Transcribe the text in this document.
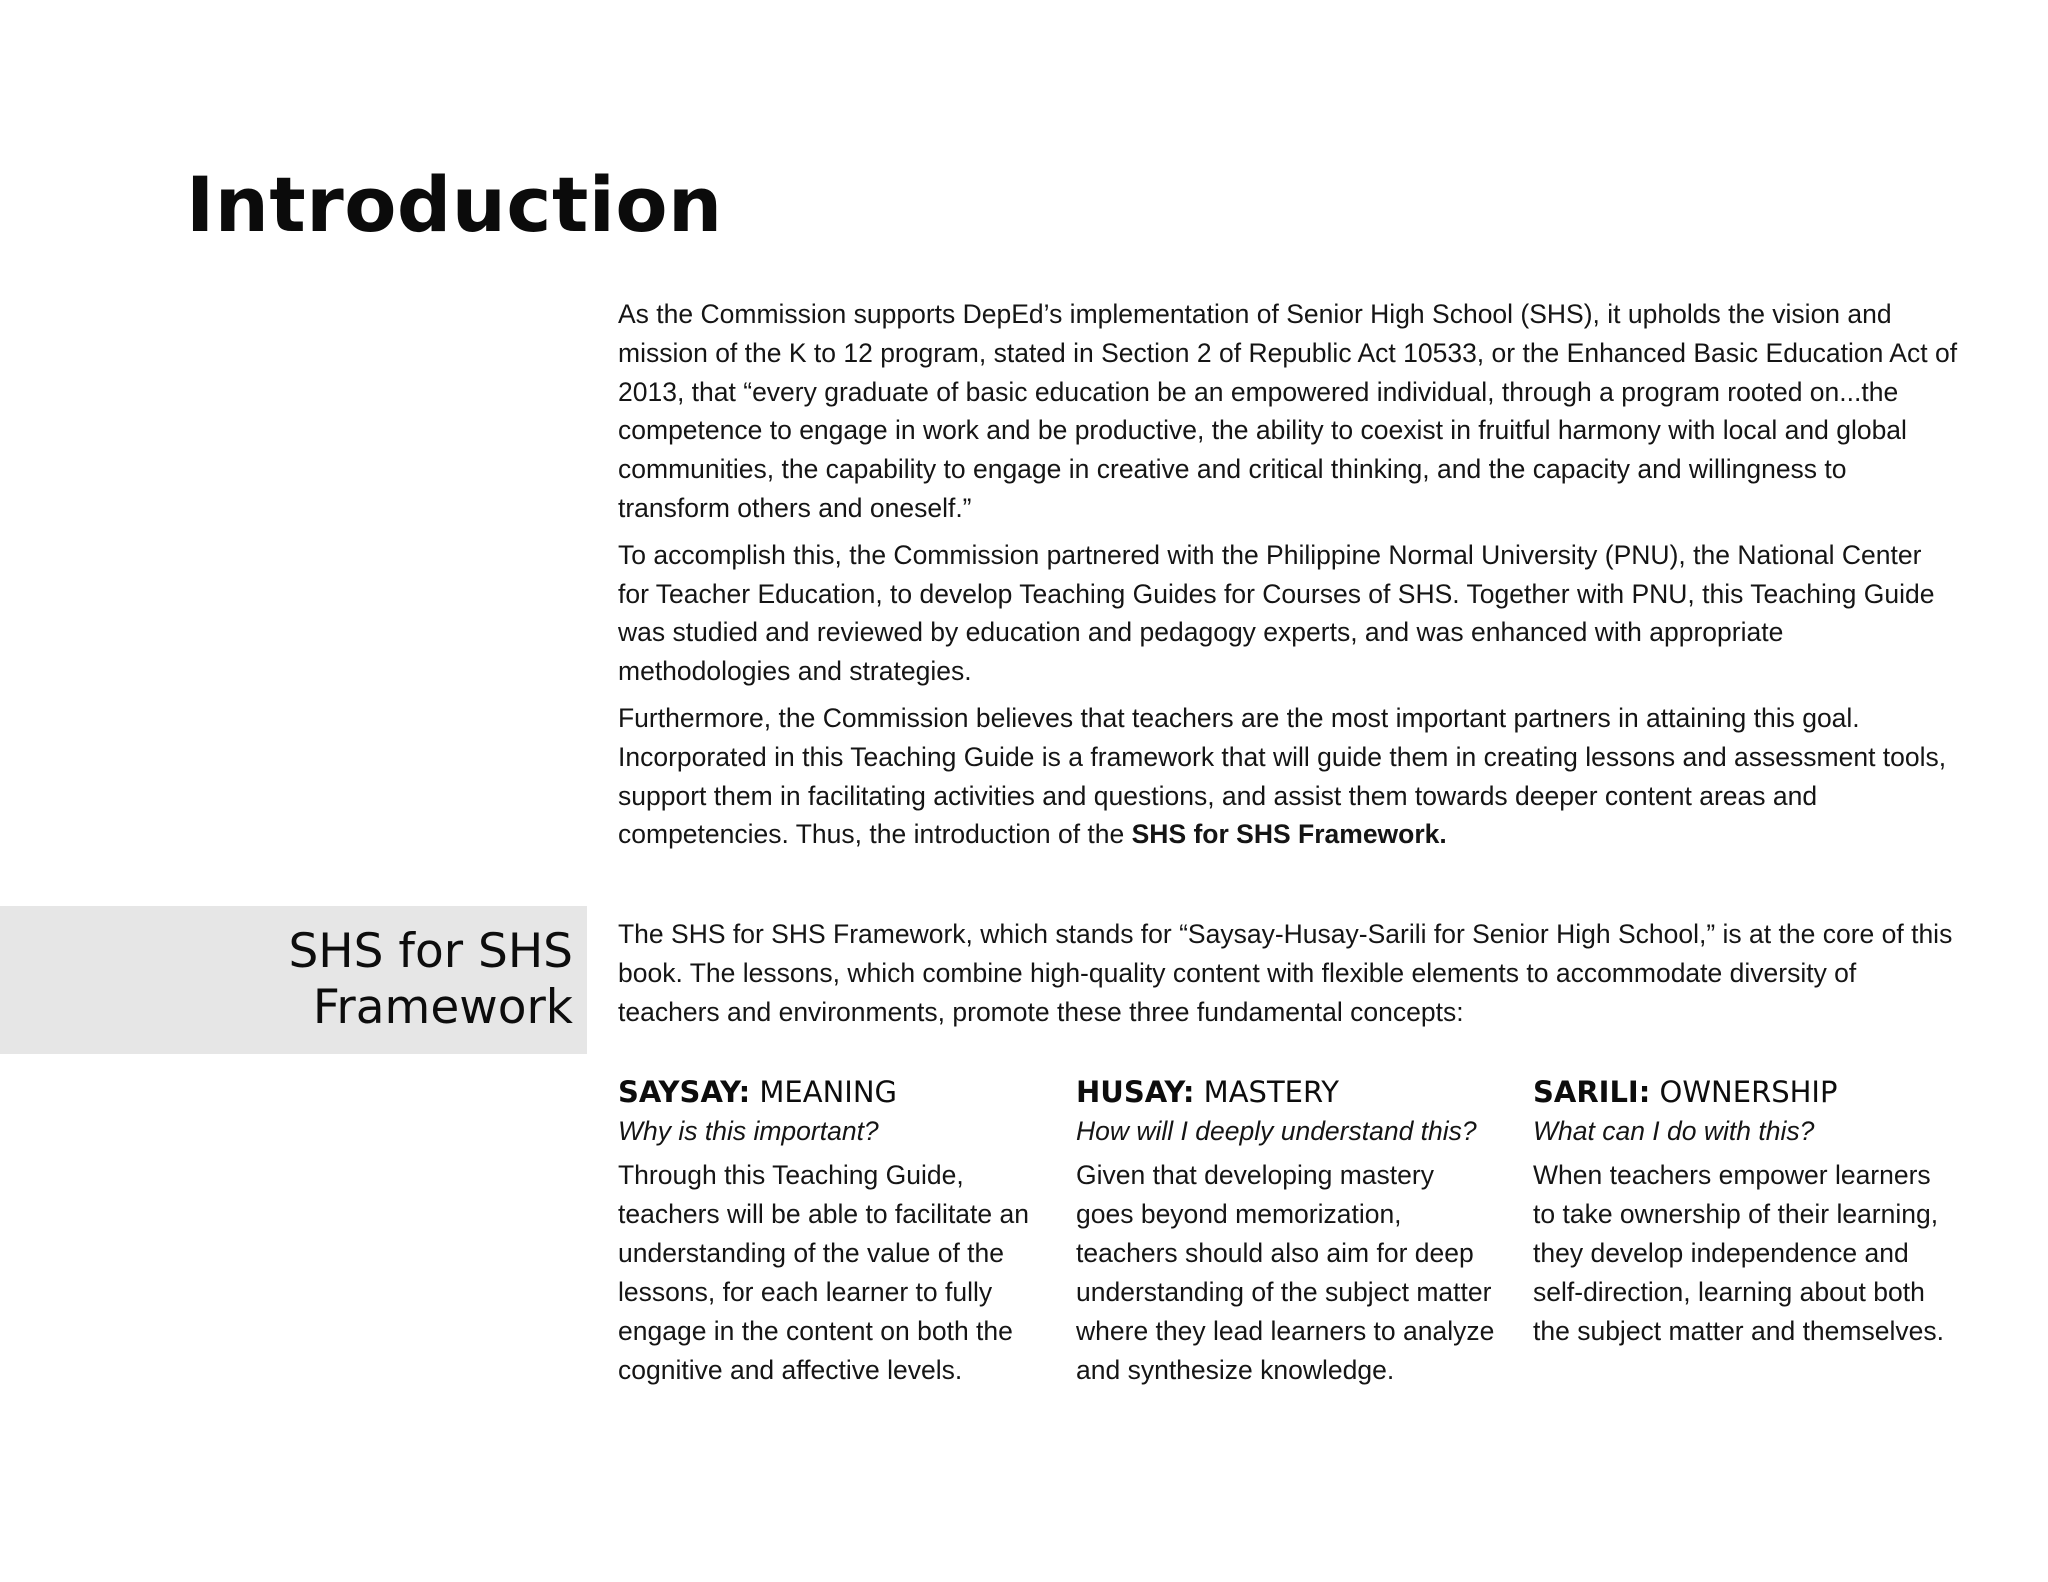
Introduction

As the Commission supports DepEd’s implementation of Senior High School (SHS), it upholds the vision and mission of the K to 12 program, stated in Section 2 of Republic Act 10533, or the Enhanced Basic Education Act of 2013, that “every graduate of basic education be an empowered individual, through a program rooted on...the competence to engage in work and be productive, the ability to coexist in fruitful harmony with local and global communities, the capability to engage in creative and critical thinking, and the capacity and willingness to transform others and oneself.”

To accomplish this, the Commission partnered with the Philippine Normal University (PNU), the National Center for Teacher Education, to develop Teaching Guides for Courses of SHS. Together with PNU, this Teaching Guide was studied and reviewed by education and pedagogy experts, and was enhanced with appropriate methodologies and strategies.

Furthermore, the Commission believes that teachers are the most important partners in attaining this goal. Incorporated in this Teaching Guide is a framework that will guide them in creating lessons and assessment tools, support them in facilitating activities and questions, and assist them towards deeper content areas and competencies. Thus, the introduction of the SHS for SHS Framework.

SHS for SHS
Framework

The SHS for SHS Framework, which stands for “Saysay-Husay-Sarili for Senior High School,” is at the core of this book. The lessons, which combine high-quality content with flexible elements to accommodate diversity of teachers and environments, promote these three fundamental concepts:

SAYSAY: MEANING

Why is this important?

Through this Teaching Guide, teachers will be able to facilitate an understanding of the value of the lessons, for each learner to fully engage in the content on both the cognitive and affective levels.

HUSAY: MASTERY

How will I deeply understand this?

Given that developing mastery goes beyond memorization, teachers should also aim for deep understanding of the subject matter where they lead learners to analyze and synthesize knowledge.

SARILI: OWNERSHIP

What can I do with this?

When teachers empower learners to take ownership of their learning, they develop independence and self-direction, learning about both the subject matter and themselves.
